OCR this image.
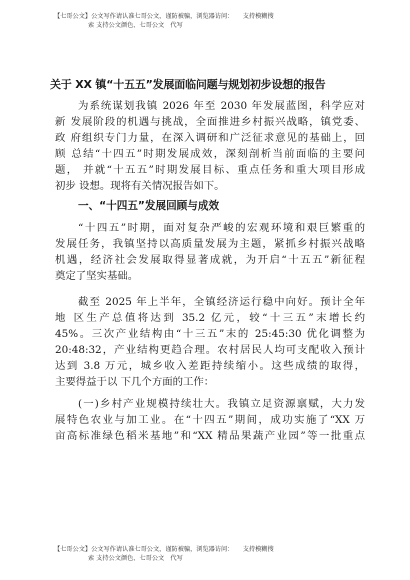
【七哥公文】公文写作请认准七哥公文，谨防被骗，浏览器访问：　　支持模糊搜
索 支持公文颜色、七哥公文　代写
关于 XX 镇“十五五”发展面临问题与规划初步设想的报告
为系统谋划我镇 2026 年至 2030 年发展蓝图，科学应对
新 发展阶段的机遇与挑战，全面推进乡村振兴战略，镇党委、
政 府组织专门力量，在深入调研和广泛征求意见的基础上，回
顾 总结“十四五”时期发展成效，深刻剖析当前面临的主要问
题， 并就“十五五”时期发展目标、重点任务和重大项目形成
初步 设想。现将有关情况报告如下。
一、“十四五”发展回顾与成效
“十四五”时期，面对复杂严峻的宏观环境和艰巨繁重的
发展任务，我镇坚持以高质量发展为主题，紧抓乡村振兴战略
机遇，经济社会发展取得显著成就，为开启“十五五”新征程
奠定了坚实基础。
截至 2025 年上半年，全镇经济运行稳中向好。预计全年
地 区生产总值将达到 35.2 亿元，较“十三五”末增长约
45%。三次产业结构由“十三五”末的 25:45:30 优化调整为
20:48:32，产业结构更趋合理。农村居民人均可支配收入预计
达到 3.8 万元，城乡收入差距持续缩小。这些成绩的取得，
主要得益于以 下几个方面的工作：
(一)乡村产业规模持续壮大。我镇立足资源禀赋，大力发
展特色农业与加工业。在“十四五”期间，成功实施了“XX 万
亩高标准绿色稻米基地”和“XX 精品果蔬产业园”等一批重点
【七哥公文】公文写作请认准七哥公文，谨防被骗，浏览器访问：　　支持模糊搜
索 支持公文颜色、七哥公文　代写
